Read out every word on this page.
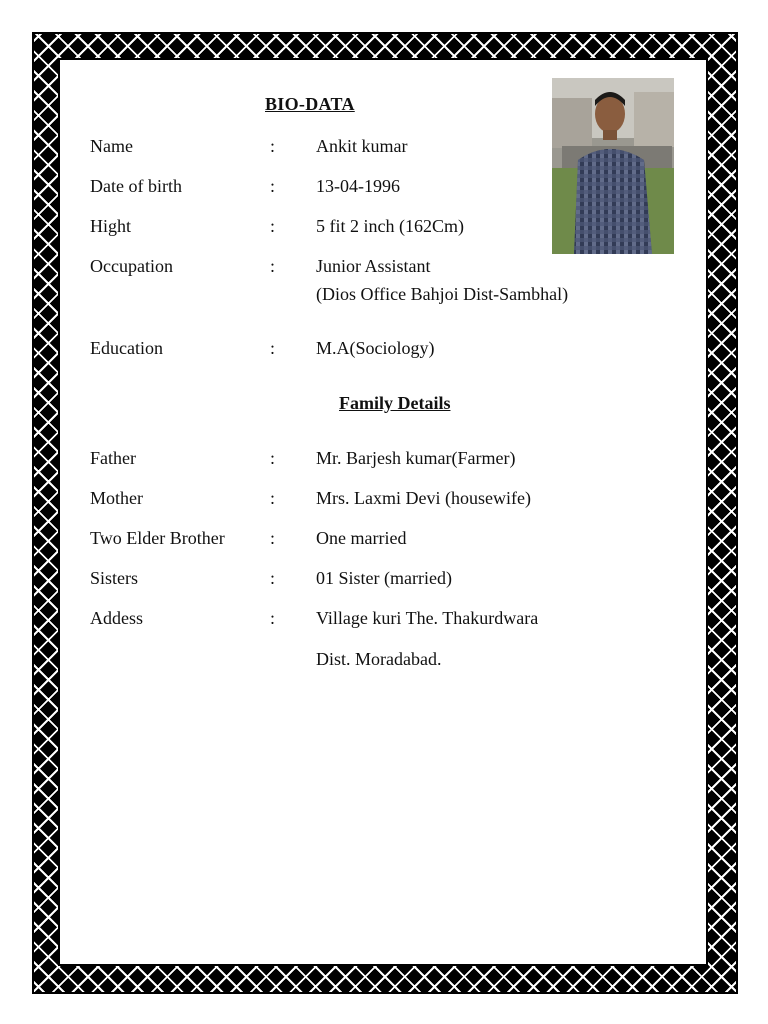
BIO-DATA
Name	: Ankit kumar
Date of birth	: 13-04-1996
Hight	: 5 fit 2 inch (162Cm)
Occupation	: Junior Assistant
(Dios Office Bahjoi Dist-Sambhal)
Education	: M.A(Sociology)
Family Details
Father	: Mr. Barjesh kumar(Farmer)
Mother	: Mrs. Laxmi Devi (housewife)
Two Elder Brother	: One married
Sisters	: 01 Sister (married)
Addess	: Village kuri The. Thakurdwara
Dist. Moradabad.
